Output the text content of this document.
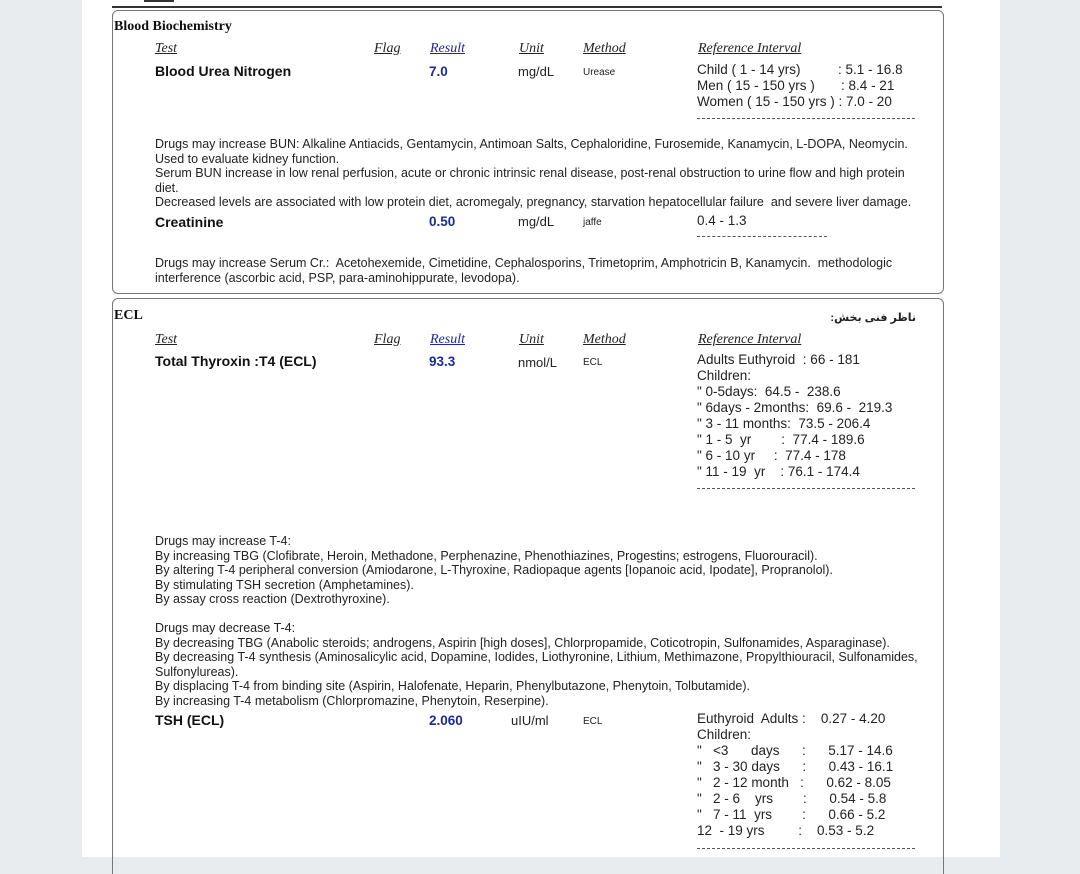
Blood Biochemistry
Test	Flag Result	Unit	Method	Reference Interval
Blood Urea Nitrogen	7.0	mg/dL	Urease	Child ( 1 - 14 yrs)          : 5.1 - 16.8
Men ( 15 - 150 yrs )       : 8.4 - 21
Women ( 15 - 150 yrs ) : 7.0 - 20
Drugs may increase BUN: Alkaline Antiacids, Gentamycin, Antimoan Salts, Cephaloridine, Furosemide, Kanamycin, L-DOPA, Neomycin.
Used to evaluate kidney function.
Serum BUN increase in low renal perfusion, acute or chronic intrinsic renal disease, post-renal obstruction to urine flow and high protein
diet.
Decreased levels are associated with low protein diet, acromegaly, pregnancy, starvation hepatocellular failure  and severe liver damage.
Creatinine	0.50	mg/dL	jaffe	0.4 - 1.3
Drugs may increase Serum Cr.:  Acetohexemide, Cimetidine, Cephalosporins, Trimetoprim, Amphotricin B, Kanamycin.  methodologic
interference (ascorbic acid, PSP, para-aminohippurate, levodopa).
ECL	ناظر فنی بخش:
Test	Flag Result	Unit	Method	Reference Interval
Total Thyroxin :T4 (ECL)	93.3	nmol/L	ECL	Adults Euthyroid  : 66 - 181
Children:
" 0-5days:  64.5 -  238.6
" 6days - 2months:  69.6 -  219.3
" 3 - 11 months:  73.5 - 206.4
" 1 - 5  yr        :  77.4 - 189.6
" 6 - 10 yr     :  77.4 - 178
" 11 - 19  yr    : 76.1 - 174.4
Drugs may increase T-4:
By increasing TBG (Clofibrate, Heroin, Methadone, Perphenazine, Phenothiazines, Progestins; estrogens, Fluorouracil).
By altering T-4 peripheral conversion (Amiodarone, L-Thyroxine, Radiopaque agents [Iopanoic acid, Ipodate], Propranolol).
By stimulating TSH secretion (Amphetamines).
By assay cross reaction (Dextrothyroxine).
Drugs may decrease T-4:
By decreasing TBG (Anabolic steroids; androgens, Aspirin [high doses], Chlorpropamide, Coticotropin, Sulfonamides, Asparaginase).
By decreasing T-4 synthesis (Aminosalicylic acid, Dopamine, Iodides, Liothyronine, Lithium, Methimazone, Propylthiouracil, Sulfonamides,
Sulfonylureas).
By displacing T-4 from binding site (Aspirin, Halofenate, Heparin, Phenylbutazone, Phenytoin, Tolbutamide).
By increasing T-4 metabolism (Chlorpromazine, Phenytoin, Reserpine).
TSH (ECL)	2.060	uIU/ml	ECL	Euthyroid  Adults :    0.27 - 4.20
Children:
"   <3      days      :      5.17 - 14.6
"   3 - 30 days      :      0.43 - 16.1
"   2 - 12 month   :      0.62 - 8.05
"   2 - 6    yrs        :      0.54 - 5.8
"   7 - 11  yrs        :      0.66 - 5.2
12  - 19 yrs         :    0.53 - 5.2
